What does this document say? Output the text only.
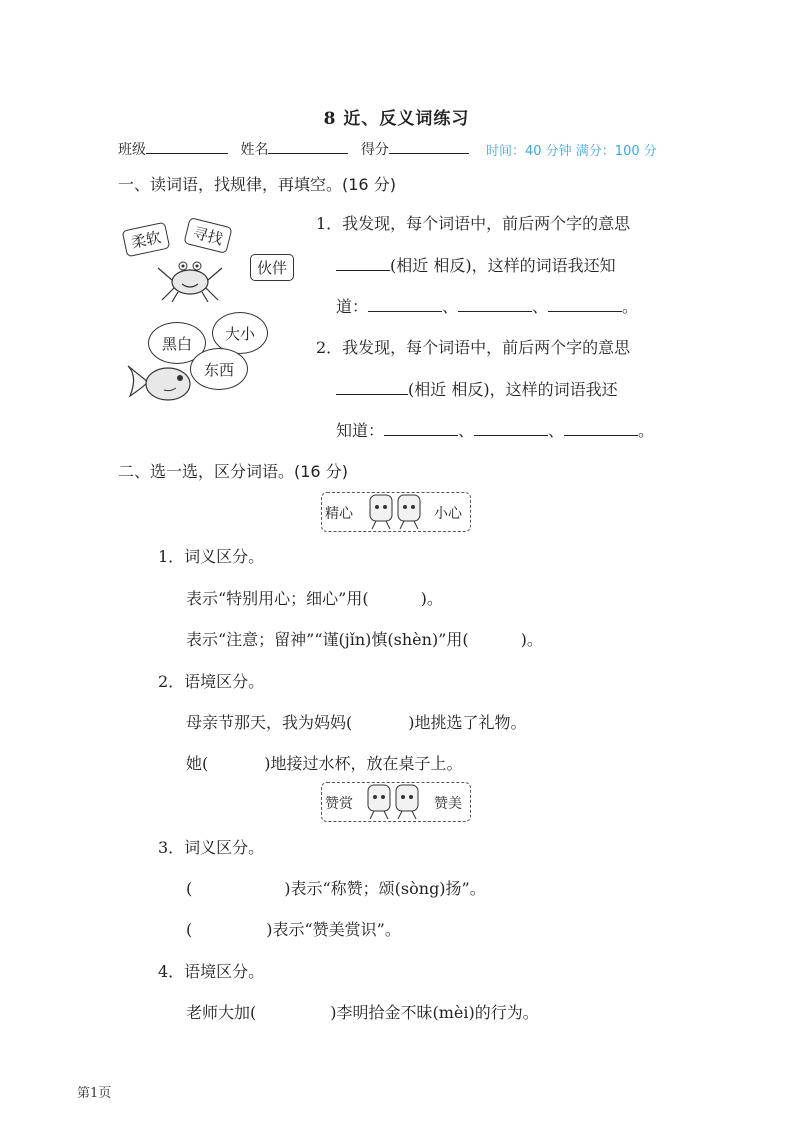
8 近、反义词练习
班级	姓名	得分	时间：40 分钟 满分：100 分
一、读词语，找规律，再填空。(16 分)
柔软	寻找
伙伴
黑白
大小
东西
1．我发现，每个词语中，前后两个字的意思
(相近 相反)，这样的词语我还知
道：	、	、	。
2．我发现，每个词语中，前后两个字的意思
(相近 相反)，这样的词语我还
知道：	、	、	。
二、选一选，区分词语。(16 分)
精心	小心
1．词义区分。
表示“特别用心；细心”用(	)。
表示“注意；留神”“谨(jǐn)慎(shèn)”用(	)。
2．语境区分。
母亲节那天，我为妈妈(	)地挑选了礼物。
她(	)地接过水杯，放在桌子上。
赞赏	赞美
3．词义区分。
(	)表示“称赞；颂(sòng)扬”。
(	)表示“赞美赏识”。
4．语境区分。
老师大加(	)李明拾金不昧(mèi)的行为。
第1页
